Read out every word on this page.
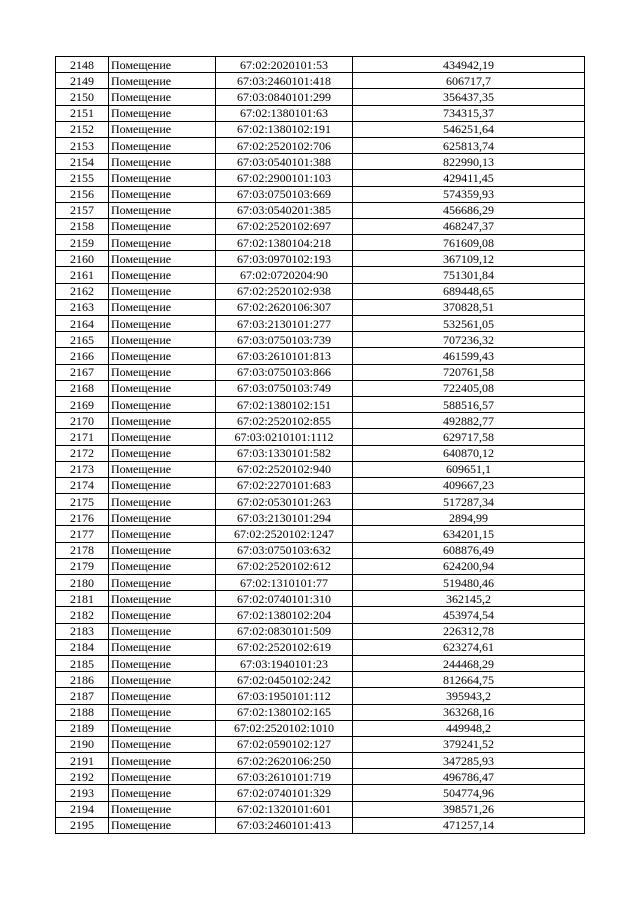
2148	Помещение	67:02:2020101:53	434942,19
2149	Помещение	67:03:2460101:418	606717,7
2150	Помещение	67:03:0840101:299	356437,35
2151	Помещение	67:02:1380101:63	734315,37
2152	Помещение	67:02:1380102:191	546251,64
2153	Помещение	67:02:2520102:706	625813,74
2154	Помещение	67:03:0540101:388	822990,13
2155	Помещение	67:02:2900101:103	429411,45
2156	Помещение	67:03:0750103:669	574359,93
2157	Помещение	67:03:0540201:385	456686,29
2158	Помещение	67:02:2520102:697	468247,37
2159	Помещение	67:02:1380104:218	761609,08
2160	Помещение	67:03:0970102:193	367109,12
2161	Помещение	67:02:0720204:90	751301,84
2162	Помещение	67:02:2520102:938	689448,65
2163	Помещение	67:02:2620106:307	370828,51
2164	Помещение	67:03:2130101:277	532561,05
2165	Помещение	67:03:0750103:739	707236,32
2166	Помещение	67:03:2610101:813	461599,43
2167	Помещение	67:03:0750103:866	720761,58
2168	Помещение	67:03:0750103:749	722405,08
2169	Помещение	67:02:1380102:151	588516,57
2170	Помещение	67:02:2520102:855	492882,77
2171	Помещение	67:03:0210101:1112	629717,58
2172	Помещение	67:03:1330101:582	640870,12
2173	Помещение	67:02:2520102:940	609651,1
2174	Помещение	67:02:2270101:683	409667,23
2175	Помещение	67:02:0530101:263	517287,34
2176	Помещение	67:03:2130101:294	2894,99
2177	Помещение	67:02:2520102:1247	634201,15
2178	Помещение	67:03:0750103:632	608876,49
2179	Помещение	67:02:2520102:612	624200,94
2180	Помещение	67:02:1310101:77	519480,46
2181	Помещение	67:02:0740101:310	362145,2
2182	Помещение	67:02:1380102:204	453974,54
2183	Помещение	67:02:0830101:509	226312,78
2184	Помещение	67:02:2520102:619	623274,61
2185	Помещение	67:03:1940101:23	244468,29
2186	Помещение	67:02:0450102:242	812664,75
2187	Помещение	67:03:1950101:112	395943,2
2188	Помещение	67:02:1380102:165	363268,16
2189	Помещение	67:02:2520102:1010	449948,2
2190	Помещение	67:02:0590102:127	379241,52
2191	Помещение	67:02:2620106:250	347285,93
2192	Помещение	67:03:2610101:719	496786,47
2193	Помещение	67:02:0740101:329	504774,96
2194	Помещение	67:02:1320101:601	398571,26
2195	Помещение	67:03:2460101:413	471257,14
